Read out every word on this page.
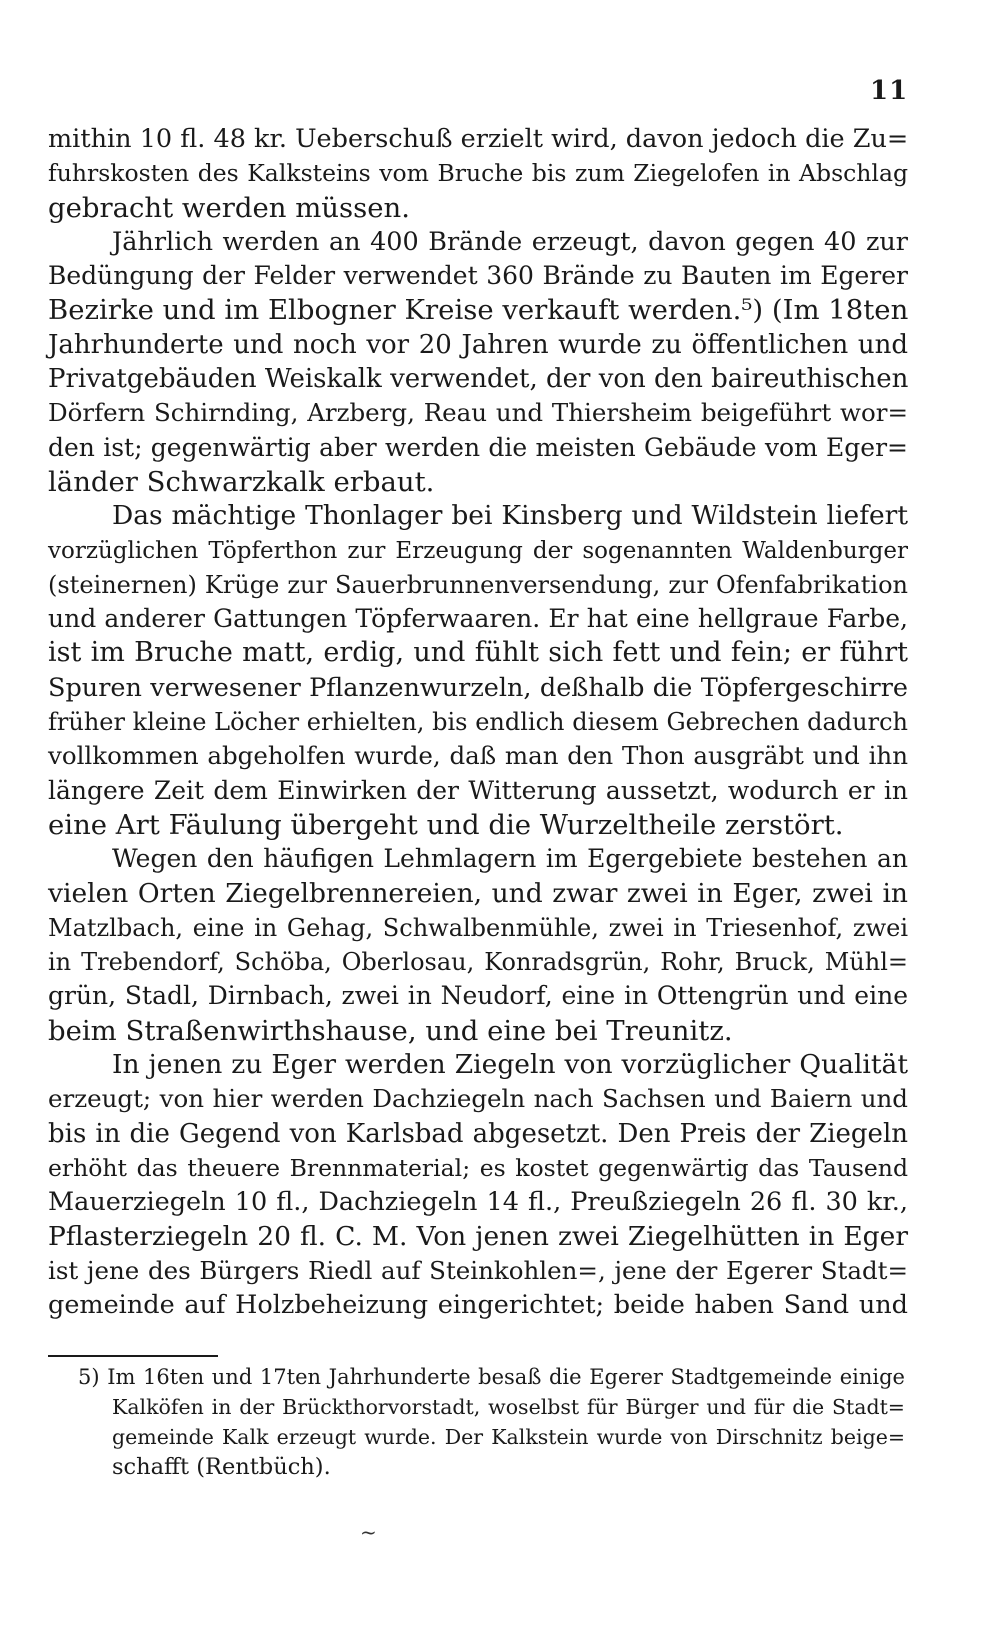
11
mithin 10 fl. 48 kr. Ueberschuß erzielt wird, davon jedoch die Zu=
fuhrskosten des Kalksteins vom Bruche bis zum Ziegelofen in Abschlag
gebracht werden müssen.
Jährlich werden an 400 Brände erzeugt, davon gegen 40 zur
Bedüngung der Felder verwendet 360 Brände zu Bauten im Egerer
Bezirke und im Elbogner Kreise verkauft werden.⁵) (Im 18ten
Jahrhunderte und noch vor 20 Jahren wurde zu öffentlichen und
Privatgebäuden Weiskalk verwendet, der von den baireuthischen
Dörfern Schirnding, Arzberg, Reau und Thiersheim beigeführt wor=
den ist; gegenwärtig aber werden die meisten Gebäude vom Eger=
länder Schwarzkalk erbaut.
Das mächtige Thonlager bei Kinsberg und Wildstein liefert
vorzüglichen Töpferthon zur Erzeugung der sogenannten Waldenburger
(steinernen) Krüge zur Sauerbrunnenversendung, zur Ofenfabrikation
und anderer Gattungen Töpferwaaren. Er hat eine hellgraue Farbe,
ist im Bruche matt, erdig, und fühlt sich fett und fein; er führt
Spuren verwesener Pflanzenwurzeln, deßhalb die Töpfergeschirre
früher kleine Löcher erhielten, bis endlich diesem Gebrechen dadurch
vollkommen abgeholfen wurde, daß man den Thon ausgräbt und ihn
längere Zeit dem Einwirken der Witterung aussetzt, wodurch er in
eine Art Fäulung übergeht und die Wurzeltheile zerstört.
Wegen den häufigen Lehmlagern im Egergebiete bestehen an
vielen Orten Ziegelbrennereien, und zwar zwei in Eger, zwei in
Matzlbach, eine in Gehag, Schwalbenmühle, zwei in Triesenhof, zwei
in Trebendorf, Schöba, Oberlosau, Konradsgrün, Rohr, Bruck, Mühl=
grün, Stadl, Dirnbach, zwei in Neudorf, eine in Ottengrün und eine
beim Straßenwirthshause, und eine bei Treunitz.
In jenen zu Eger werden Ziegeln von vorzüglicher Qualität
erzeugt; von hier werden Dachziegeln nach Sachsen und Baiern und
bis in die Gegend von Karlsbad abgesetzt. Den Preis der Ziegeln
erhöht das theuere Brennmaterial; es kostet gegenwärtig das Tausend
Mauerziegeln 10 fl., Dachziegeln 14 fl., Preußziegeln 26 fl. 30 kr.,
Pflasterziegeln 20 fl. C. M. Von jenen zwei Ziegelhütten in Eger
ist jene des Bürgers Riedl auf Steinkohlen=, jene der Egerer Stadt=
gemeinde auf Holzbeheizung eingerichtet; beide haben Sand und
5) Im 16ten und 17ten Jahrhunderte besaß die Egerer Stadtgemeinde einige
Kalköfen in der Brückthorvorstadt, woselbst für Bürger und für die Stadt=
gemeinde Kalk erzeugt wurde. Der Kalkstein wurde von Dirschnitz beige=
schafft (Rentbüch).
~
